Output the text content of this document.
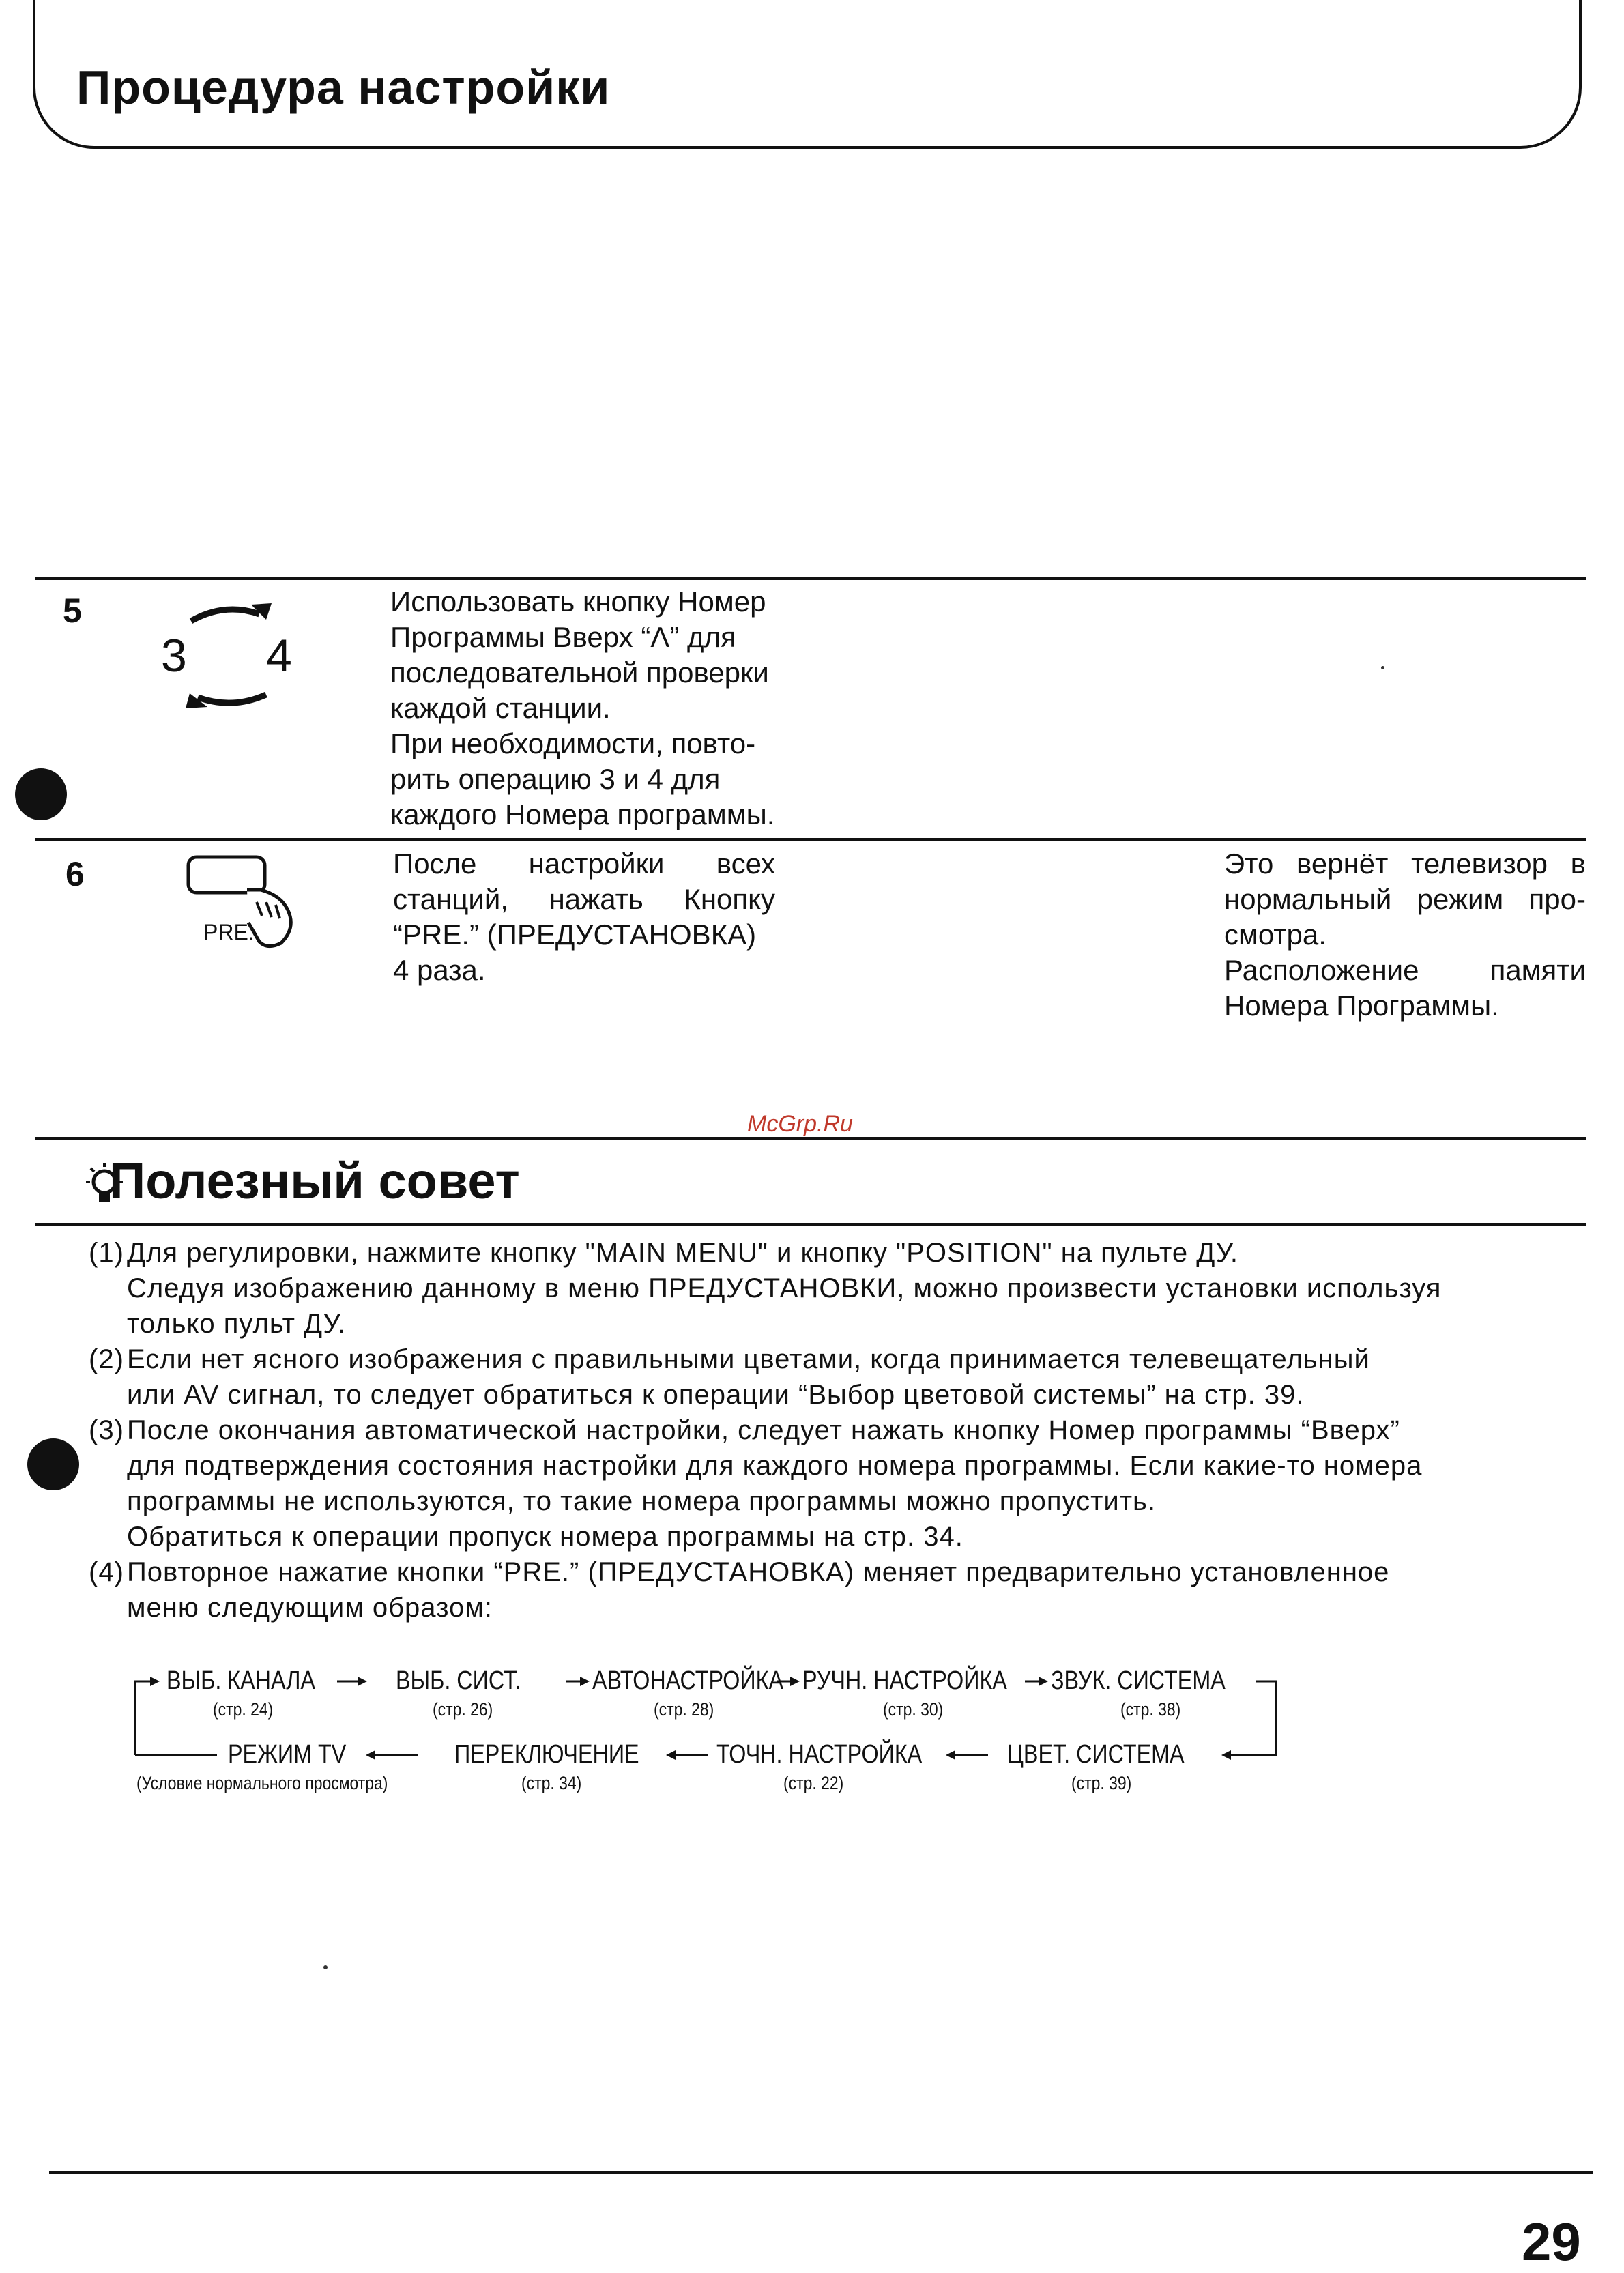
Процедура настройки
5
3 4
Использовать кнопку Номер
Программы Вверх “Λ” для
последовательной проверки
каждой станции.
При необходимости, повто-
рить операцию 3 и 4 для
каждого Номера программы.
6
PRE.
После настройки всех
станций, нажать Кнопку
“PRE.” (ПРЕДУСТАНОВКА)
4 раза.
Это вернёт телевизор в
нормальный режим про-
смотра.
Расположение памяти
Номера Программы.
McGrp.Ru
Полезный совет
(1) Для регулировки, нажмите кнопку "MAIN MENU" и кнопку "POSITION" на пульте ДУ.
Следуя изображению данному в меню ПРЕДУСТАНОВКИ, можно произвести установки используя
только пульт ДУ.
(2) Если нет ясного изображения с правильными цветами, когда принимается телевещательный
или AV сигнал, то следует обратиться к операции “Выбор цветовой системы” на стр. 39.
(3) После окончания автоматической настройки, следует нажать кнопку Номер программы “Вверх”
для подтверждения состояния настройки для каждого номера программы. Если какие-то номера
программы не используются, то такие номера программы можно пропустить.
Обратиться к операции пропуск номера программы на стр. 34.
(4) Повторное нажатие кнопки “PRE.” (ПРЕДУСТАНОВКА) меняет предварительно установленное
меню следующим образом:
ВЫБ. КАНАЛА
(стр. 24)
ВЫБ. СИСТ.
(стр. 26)
АВТОНАСТРОЙКА
(стр. 28)
РУЧН. НАСТРОЙКА
(стр. 30)
ЗВУК. СИСТЕМА
(стр. 38)
РЕЖИМ TV
(Условие нормального просмотра)
ПЕРЕКЛЮЧЕНИЕ
(стр. 34)
ТОЧН. НАСТРОЙКА
(стр. 22)
ЦВЕТ. СИСТЕМА
(стр. 39)
29
